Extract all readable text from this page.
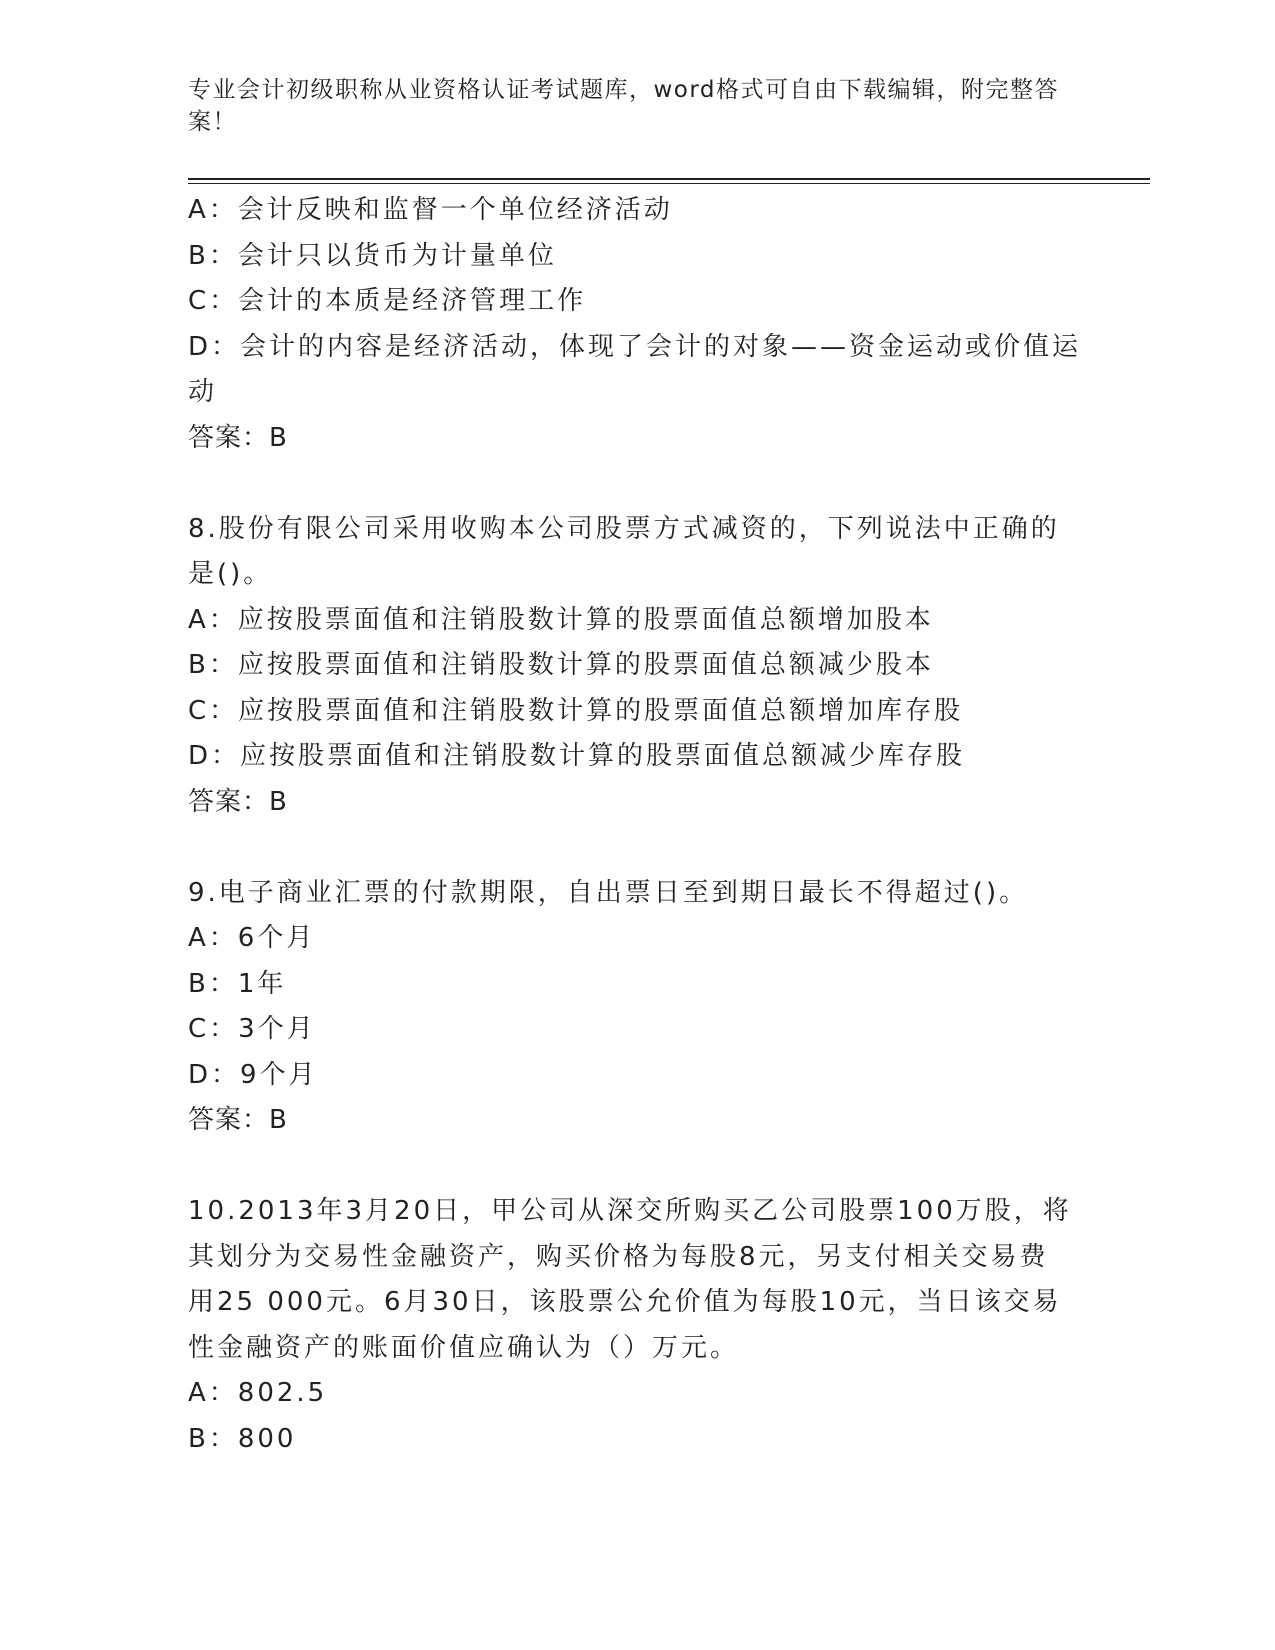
专业会计初级职称从业资格认证考试题库，word格式可自由下载编辑，附完整答
案！
A：会计反映和监督一个单位经济活动
B：会计只以货币为计量单位
C：会计的本质是经济管理工作
D：会计的内容是经济活动，体现了会计的对象——资金运动或价值运
动
答案：B
8.股份有限公司采用收购本公司股票方式减资的，下列说法中正确的
是()。
A：应按股票面值和注销股数计算的股票面值总额增加股本
B：应按股票面值和注销股数计算的股票面值总额减少股本
C：应按股票面值和注销股数计算的股票面值总额增加库存股
D：应按股票面值和注销股数计算的股票面值总额减少库存股
答案：B
9.电子商业汇票的付款期限，自出票日至到期日最长不得超过()。
A：6个月
B：1年
C：3个月
D：9个月
答案：B
10.2013年3月20日，甲公司从深交所购买乙公司股票100万股，将
其划分为交易性金融资产，购买价格为每股8元，另支付相关交易费
用25 000元。6月30日，该股票公允价值为每股10元，当日该交易
性金融资产的账面价值应确认为（）万元。
A：802.5
B：800
